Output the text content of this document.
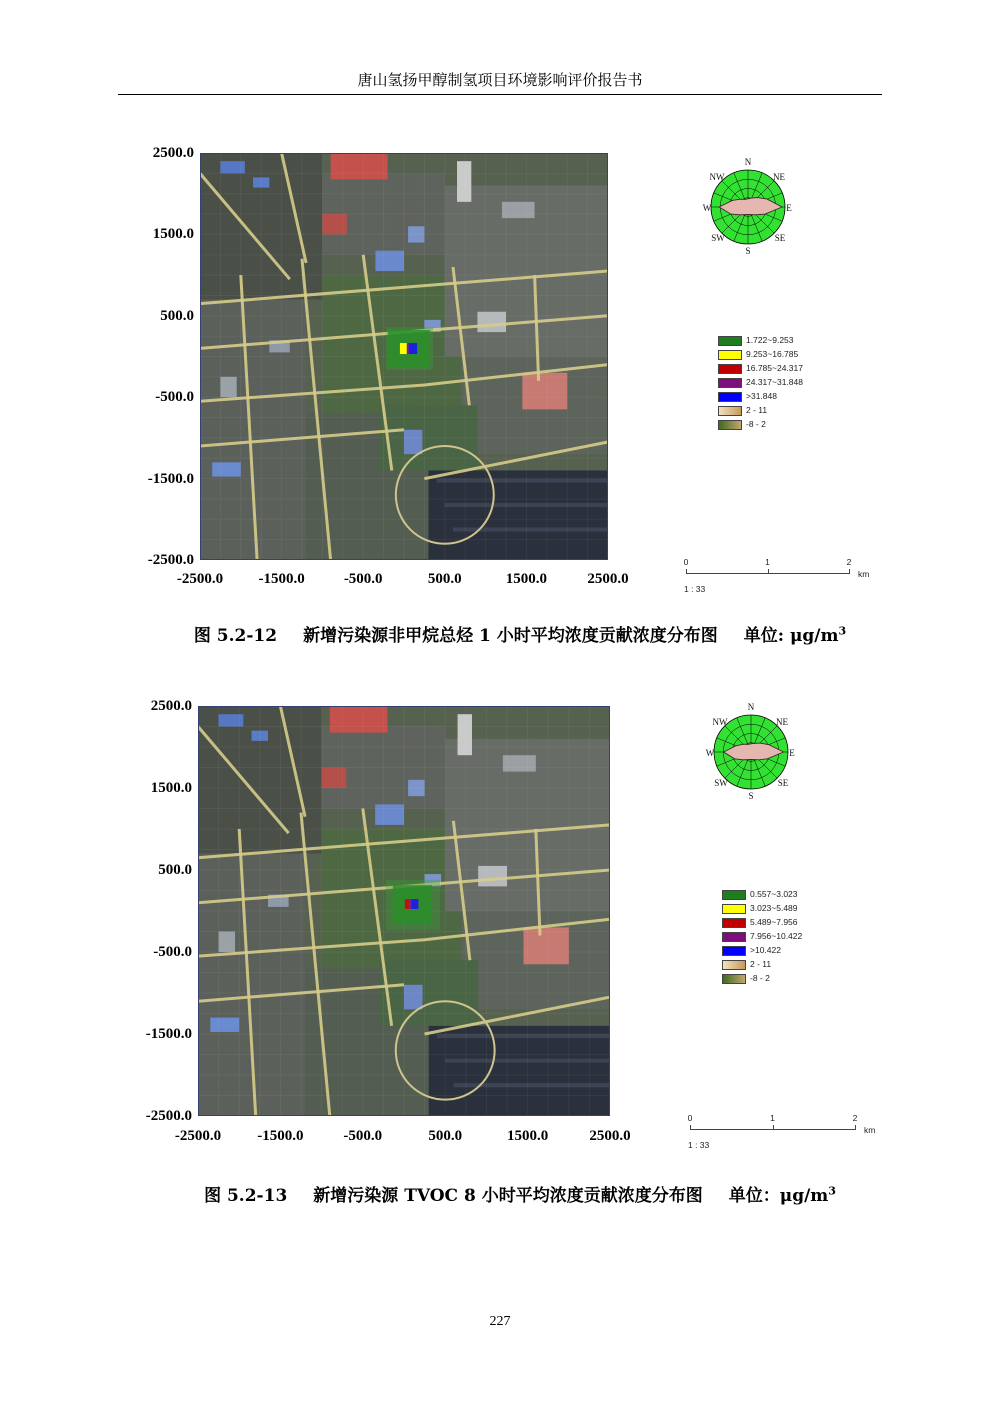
唐山氢扬甲醇制氢项目环境影响评价报告书
2500.0
1500.0
500.0
-500.0
-1500.0
-2500.0
-2500.0	-1500.0	-500.0	500.0	1500.0	2500.0
N
NE
E
SE
S
SW
W
NW
1.722~9.253
9.253~16.785
16.785~24.317
24.317~31.848
>31.848
2 - 11
-8 - 2
0	1	2
km
1 : 33
2500.0
1500.0
500.0
-500.0
-1500.0
-2500.0
-2500.0	-1500.0	-500.0	500.0	1500.0	2500.0
N
NE
E
SE
S
SW
W
NW
0.557~3.023
3.023~5.489
5.489~7.956
7.956~10.422
>10.422
2 - 11
-8 - 2
0	1	2
km
1 : 33
图 5.2-12 新增污染源非甲烷总烃 1 小时平均浓度贡献浓度分布图 单位: $\mu g/m^3$
图 5.2-13 新增污染源 TVOC 8 小时平均浓度贡献浓度分布图 单位：$\mu g/m^3$
227
